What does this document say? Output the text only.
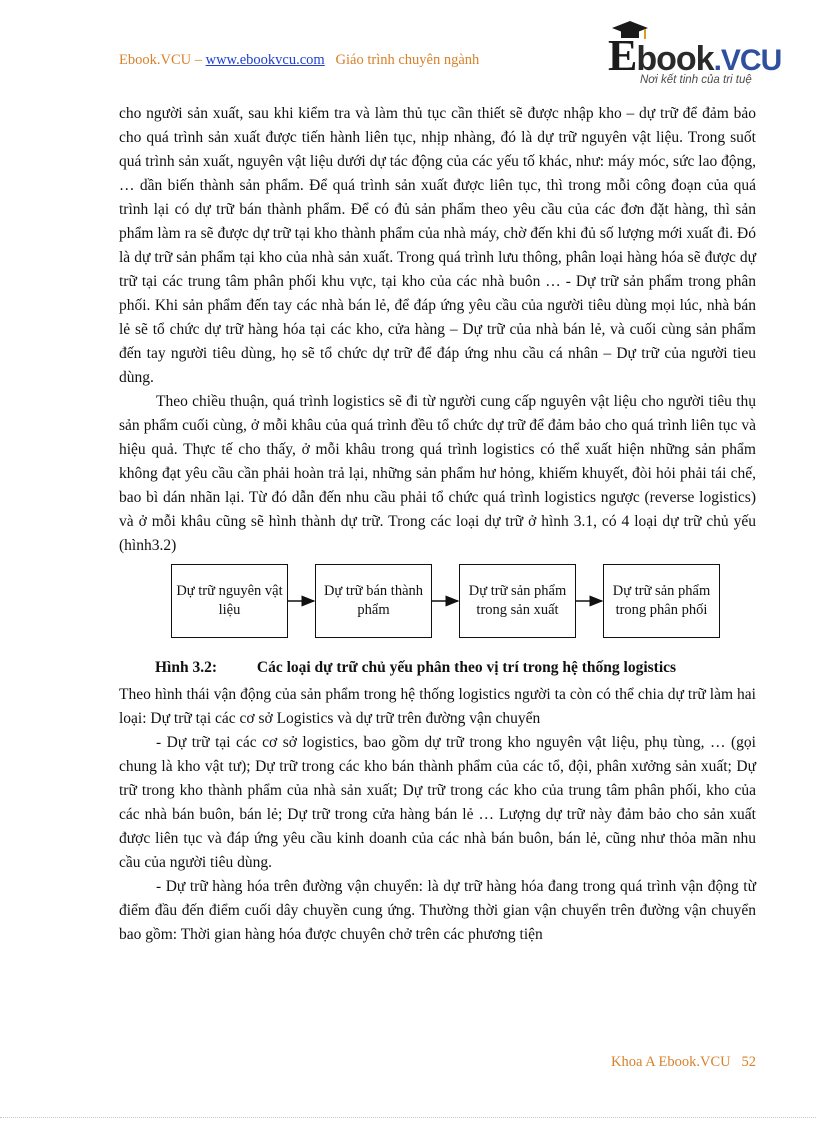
Ebook.VCU – www.ebookvcu.com Giáo trình chuyên ngành	Ebook.VCU
Nơi kết tinh của tri tuệ

cho người sản xuất, sau khi kiểm tra và làm thủ tục cần thiết sẽ được nhập kho – dự trữ để đảm bảo cho quá trình sản xuất được tiến hành liên tục, nhịp nhàng, đó là dự trữ nguyên vật liệu. Trong suốt quá trình sản xuất, nguyên vật liệu dưới dự tác động của các yếu tố khác, như: máy móc, sức lao động, … dần biến thành sản phẩm. Để quá trình sản xuất được liên tục, thì trong mỗi công đoạn của quá trình lại có dự trữ bán thành phẩm. Để có đủ sản phẩm theo yêu cầu của các đơn đặt hàng, thì sản phẩm làm ra sẽ được dự trữ tại kho thành phẩm của nhà máy, chờ đến khi đủ số lượng mới xuất đi. Đó là dự trữ sản phẩm tại kho của nhà sản xuất. Trong quá trình lưu thông, phân loại hàng hóa sẽ được dự trữ tại các trung tâm phân phối khu vực, tại kho của các nhà buôn … - Dự trữ sản phẩm trong phân phối. Khi sản phẩm đến tay các nhà bán lẻ, để đáp ứng yêu cầu của người tiêu dùng mọi lúc, nhà bán lẻ sẽ tổ chức dự trữ hàng hóa tại các kho, cửa hàng – Dự trữ của nhà bán lẻ, và cuối cùng sản phẩm đến tay người tiêu dùng, họ sẽ tổ chức dự trữ để đáp ứng nhu cầu cá nhân – Dự trữ của người tieu dùng.

Theo chiều thuận, quá trình logistics sẽ đi từ người cung cấp nguyên vật liệu cho người tiêu thụ sản phẩm cuối cùng, ở mỗi khâu của quá trình đều tổ chức dự trữ để đảm bảo cho quá trình liên tục và hiệu quả. Thực tế cho thấy, ở mỗi khâu trong quá trình logistics có thể xuất hiện những sản phẩm không đạt yêu cầu cần phải hoàn trả lại, những sản phẩm hư hỏng, khiếm khuyết, đòi hỏi phải tái chế, bao bì dán nhãn lại. Từ đó dẫn đến nhu cầu phải tổ chức quá trình logistics ngược (reverse logistics) và ở mỗi khâu cũng sẽ hình thành dự trữ. Trong các loại dự trữ ở hình 3.1, có 4 loại dự trữ chủ yếu (hình3.2)

Dự trữ nguyên vật liệu
Dự trữ bán thành phẩm
Dự trữ sản phẩm trong sản xuất
Dự trữ sản phẩm trong phân phối

Hình 3.2:	Các loại dự trữ chủ yếu phân theo vị trí trong hệ thống logistics

Theo hình thái vận động của sản phẩm trong hệ thống logistics người ta còn có thể chia dự trữ làm hai loại: Dự trữ tại các cơ sở Logistics và dự trữ trên đường vận chuyển

- Dự trữ tại các cơ sở logistics, bao gồm dự trữ trong kho nguyên vật liệu, phụ tùng, … (gọi chung là kho vật tư); Dự trữ trong các kho bán thành phẩm của các tổ, đội, phân xưởng sản xuất; Dự trữ trong kho thành phẩm của nhà sản xuất; Dự trữ trong các kho của trung tâm phân phối, kho của các nhà bán buôn, bán lẻ; Dự trữ trong cửa hàng bán lẻ … Lượng dự trữ này đảm bảo cho sản xuất được liên tục và đáp ứng yêu cầu kinh doanh của các nhà bán buôn, bán lẻ, cũng như thỏa mãn nhu cầu của người tiêu dùng.

- Dự trữ hàng hóa trên đường vận chuyển: là dự trữ hàng hóa đang trong quá trình vận động từ điểm đầu đến điểm cuối dây chuyền cung ứng. Thường thời gian vận chuyển trên đường vận chuyển bao gồm: Thời gian hàng hóa được chuyên chở trên các phương tiện

Khoa A Ebook.VCU 52
